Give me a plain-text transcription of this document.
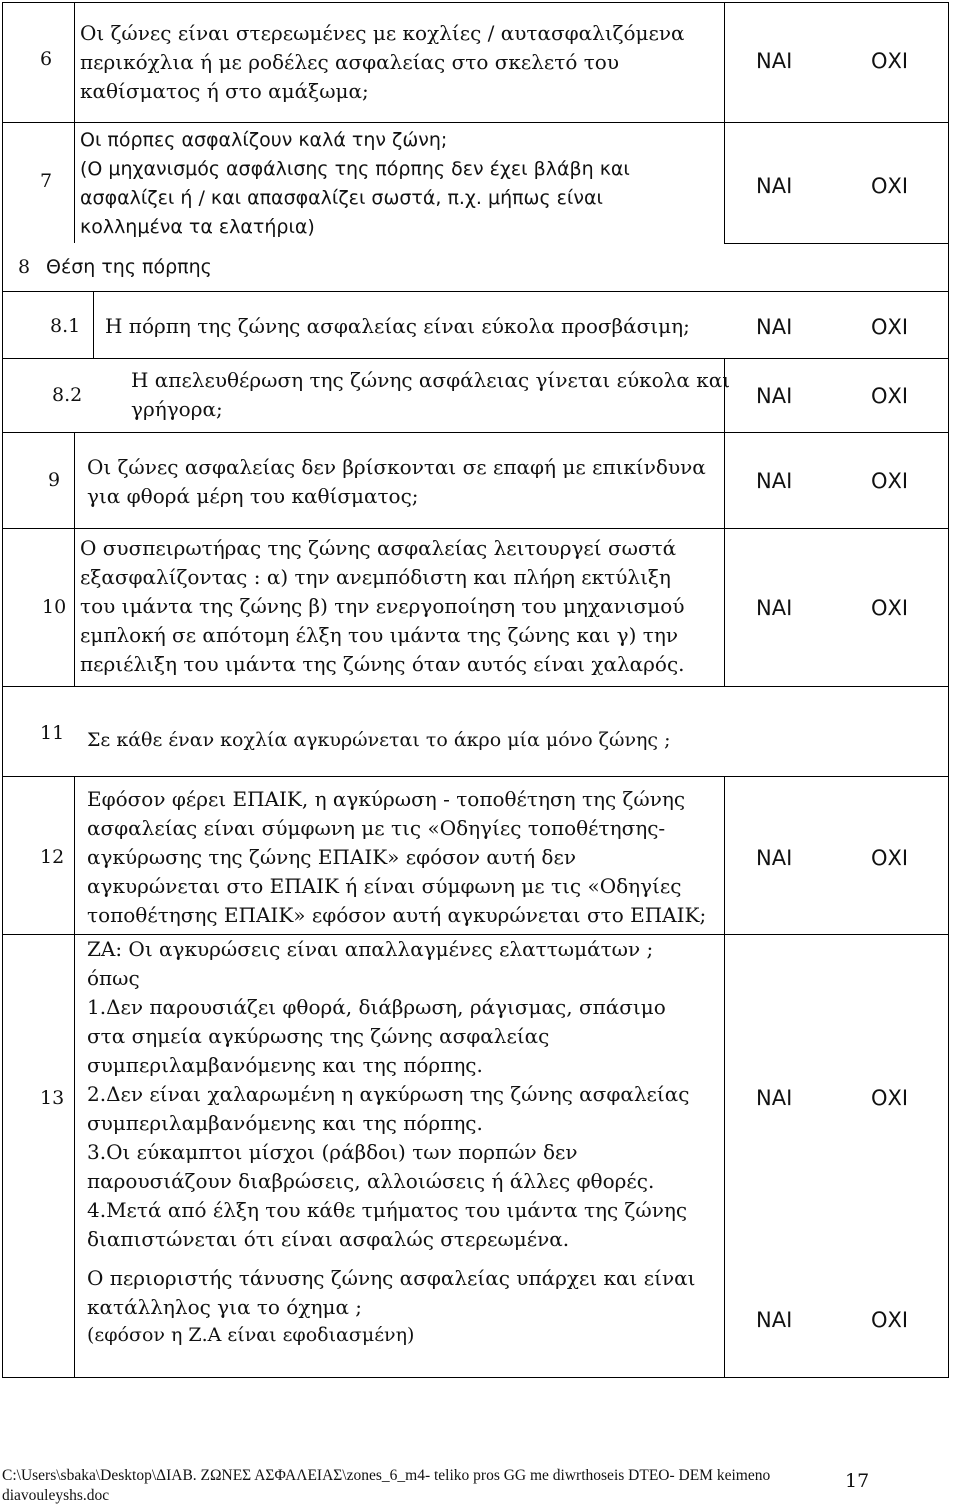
6
Οι ζώνες είναι στερεωμένες με κοχλίες / αυτασφαλιζόμενα
περικόχλια ή με ροδέλες ασφαλείας στο σκελετό του
καθίσματος ή στο αμάξωμα;
ΝΑΙ	ΟΧΙ
7
Οι πόρπες ασφαλίζουν καλά την ζώνη;
(Ο μηχανισμός ασφάλισης της πόρπης δεν έχει βλάβη και
ασφαλίζει ή / και απασφαλίζει σωστά, π.χ. μήπως είναι
κολλημένα τα ελατήρια)
ΝΑΙ	ΟΧΙ
8 Θέση της πόρπης
8.1 Η πόρπη της ζώνης ασφαλείας είναι εύκολα προσβάσιμη;	ΝΑΙ	ΟΧΙ
8.2
Η απελευθέρωση της ζώνης ασφάλειας γίνεται εύκολα και
γρήγορα;
ΝΑΙ	ΟΧΙ
9
Οι ζώνες ασφαλείας δεν βρίσκονται σε επαφή με επικίνδυνα
για φθορά μέρη του καθίσματος;
ΝΑΙ	ΟΧΙ
10
Ο συσπειρωτήρας της ζώνης ασφαλείας λειτουργεί σωστά
εξασφαλίζοντας : α) την ανεμπόδιστη και πλήρη εκτύλιξη
του ιμάντα της ζώνης β) την ενεργοποίηση του μηχανισμού
εμπλοκή σε απότομη έλξη του ιμάντα της ζώνης και γ) την
περιέλιξη του ιμάντα της ζώνης όταν αυτός είναι χαλαρός.
ΝΑΙ	ΟΧΙ
11 Σε κάθε έναν κοχλία αγκυρώνεται το άκρο μία μόνο ζώνης ;
12
Εφόσον φέρει ΕΠΑΙΚ, η αγκύρωση - τοποθέτηση της ζώνης
ασφαλείας είναι σύμφωνη με τις «Οδηγίες τοποθέτησης-
αγκύρωσης της ζώνης ΕΠΑΙΚ» εφόσον αυτή δεν
αγκυρώνεται στο ΕΠΑΙΚ ή είναι σύμφωνη με τις «Οδηγίες
τοποθέτησης ΕΠΑΙΚ» εφόσον αυτή αγκυρώνεται στο ΕΠΑΙΚ;
ΝΑΙ	ΟΧΙ
13
ΖΑ: Οι αγκυρώσεις είναι απαλλαγμένες ελαττωμάτων ;
όπως
1.Δεν παρουσιάζει φθορά, διάβρωση, ράγισμας, σπάσιμο
στα σημεία αγκύρωσης της ζώνης ασφαλείας
συμπεριλαμβανόμενης και της πόρπης.
2.Δεν είναι χαλαρωμένη η αγκύρωση της ζώνης ασφαλείας
συμπεριλαμβανόμενης και της πόρπης.
3.Οι εύκαμπτοι μίσχοι (ράβδοι) των πορπών δεν
παρουσιάζουν διαβρώσεις, αλλοιώσεις ή άλλες φθορές.
4.Μετά από έλξη του κάθε τμήματος του ιμάντα της ζώνης
διαπιστώνεται ότι είναι ασφαλώς στερεωμένα.
ΝΑΙ	ΟΧΙ
Ο περιοριστής τάνυσης ζώνης ασφαλείας υπάρχει και είναι
κατάλληλος για το όχημα ;
(εφόσον η Ζ.Α είναι εφοδιασμένη)
ΝΑΙ	ΟΧΙ
C:\Users\sbaka\Desktop\ΔΙΑΒ. ΖΩΝΕΣ ΑΣΦΑΛΕΙΑΣ\zones_6_m4- teliko pros GG me diwrthoseis DTEO- DEM keimeno
diavouleyshs.doc
17
